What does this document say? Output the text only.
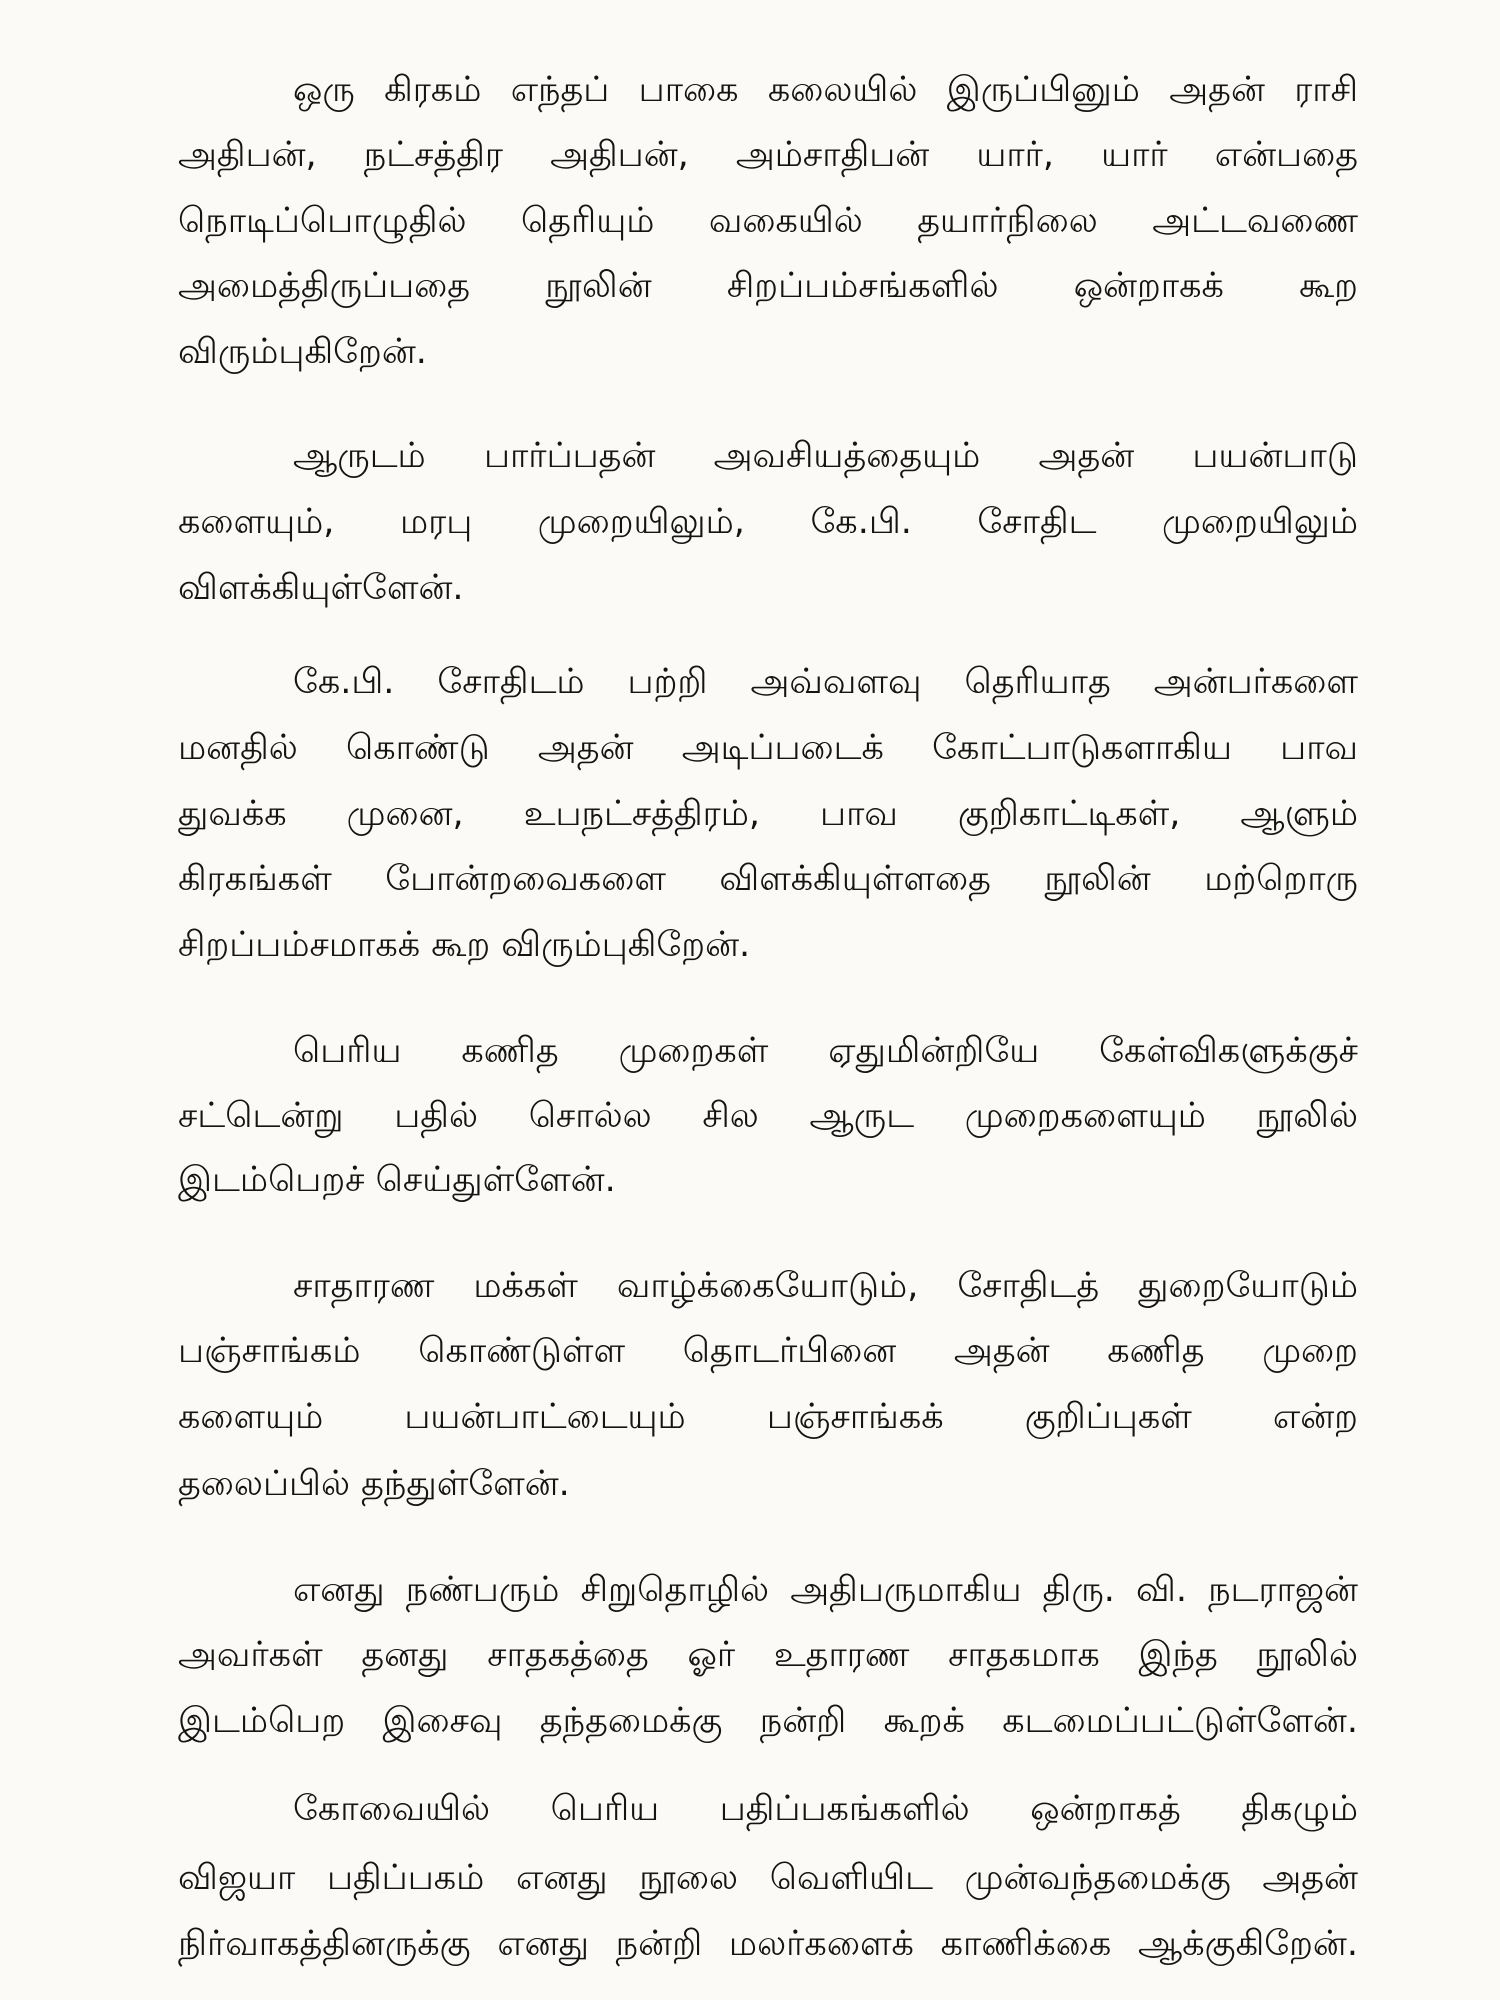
ஒரு கிரகம் எந்தப் பாகை கலையில் இருப்பினும் அதன் ராசி
அதிபன், நட்சத்திர அதிபன், அம்சாதிபன் யார், யார் என்பதை
நொடிப்பொழுதில் தெரியும் வகையில் தயார்நிலை அட்டவணை
அமைத்திருப்பதை நூலின் சிறப்பம்சங்களில் ஒன்றாகக் கூற
விரும்புகிறேன்.
ஆருடம் பார்ப்பதன் அவசியத்தையும் அதன் பயன்பாடு
களையும், மரபு முறையிலும், கே.பி. சோதிட முறையிலும்
விளக்கியுள்ளேன்.
கே.பி. சோதிடம் பற்றி அவ்வளவு தெரியாத அன்பர்களை
மனதில் கொண்டு அதன் அடிப்படைக் கோட்பாடுகளாகிய பாவ
துவக்க முனை, உபநட்சத்திரம், பாவ குறிகாட்டிகள், ஆளும்
கிரகங்கள் போன்றவைகளை விளக்கியுள்ளதை நூலின் மற்றொரு
சிறப்பம்சமாகக் கூற விரும்புகிறேன்.
பெரிய கணித முறைகள் ஏதுமின்றியே கேள்விகளுக்குச்
சட்டென்று பதில் சொல்ல சில ஆருட முறைகளையும் நூலில்
இடம்பெறச் செய்துள்ளேன்.
சாதாரண மக்கள் வாழ்க்கையோடும், சோதிடத் துறையோடும்
பஞ்சாங்கம் கொண்டுள்ள தொடர்பினை அதன் கணித முறை
களையும் பயன்பாட்டையும் பஞ்சாங்கக் குறிப்புகள் என்ற
தலைப்பில் தந்துள்ளேன்.
எனது நண்பரும் சிறுதொழில் அதிபருமாகிய திரு. வி. நடராஜன்
அவர்கள் தனது சாதகத்தை ஓர் உதாரண சாதகமாக இந்த நூலில்
இடம்பெற இசைவு தந்தமைக்கு நன்றி கூறக் கடமைப்பட்டுள்ளேன்.
கோவையில் பெரிய பதிப்பகங்களில் ஒன்றாகத் திகழும்
விஜயா பதிப்பகம் எனது நூலை வெளியிட முன்வந்தமைக்கு அதன்
நிர்வாகத்தினருக்கு எனது நன்றி மலர்களைக் காணிக்கை ஆக்குகிறேன்.
